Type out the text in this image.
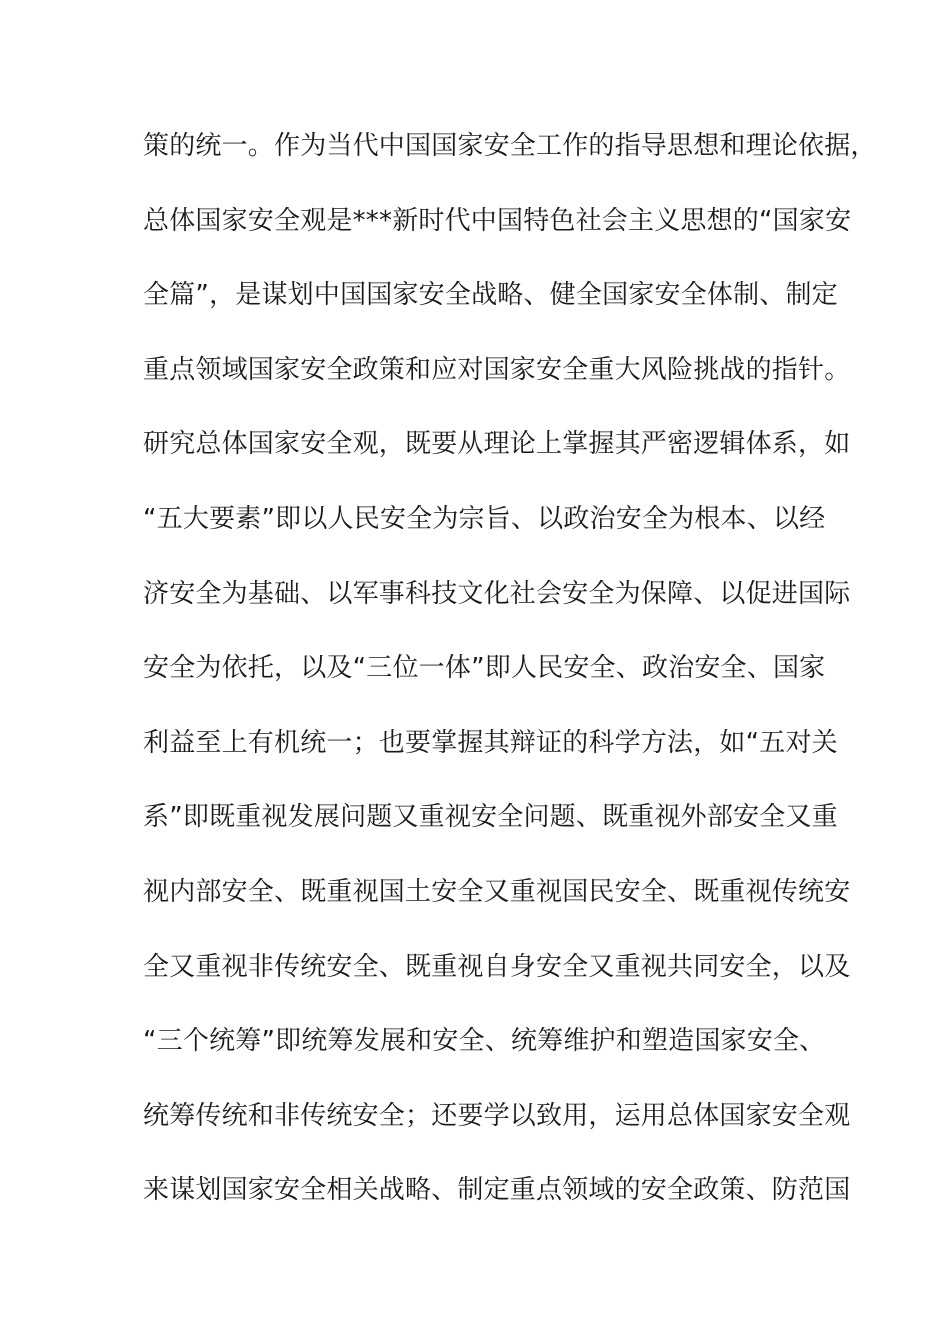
策的统一。作为当代中国国家安全工作的指导思想和理论依据，
总体国家安全观是***新时代中国特色社会主义思想的“国家安
全篇”，是谋划中国国家安全战略、健全国家安全体制、制定
重点领域国家安全政策和应对国家安全重大风险挑战的指针。
研究总体国家安全观，既要从理论上掌握其严密逻辑体系，如
“五大要素”即以人民安全为宗旨、以政治安全为根本、以经
济安全为基础、以军事科技文化社会安全为保障、以促进国际
安全为依托，以及“三位一体”即人民安全、政治安全、国家
利益至上有机统一；也要掌握其辩证的科学方法，如“五对关
系”即既重视发展问题又重视安全问题、既重视外部安全又重
视内部安全、既重视国土安全又重视国民安全、既重视传统安
全又重视非传统安全、既重视自身安全又重视共同安全，以及
“三个统筹”即统筹发展和安全、统筹维护和塑造国家安全、
统筹传统和非传统安全；还要学以致用，运用总体国家安全观
来谋划国家安全相关战略、制定重点领域的安全政策、防范国
